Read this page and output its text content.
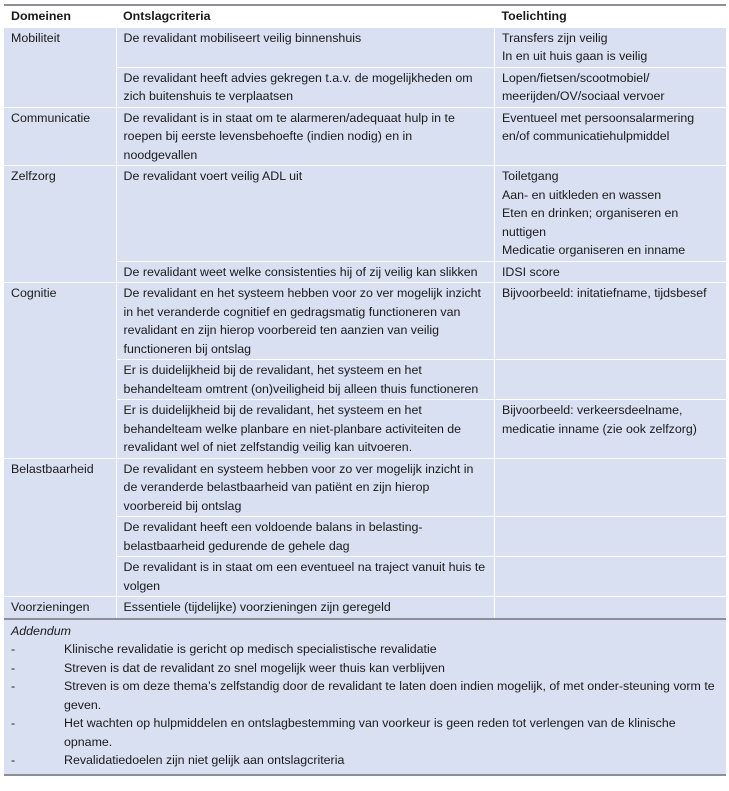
Domeinen	Ontslagcriteria	Toelichting
Mobiliteit	De revalidant mobiliseert veilig binnenshuis	Transfers zijn veilig
In en uit huis gaan is veilig

	De revalidant heeft advies gekregen t.a.v. de mogelijkheden om zich buitenshuis te verplaatsen	Lopen/fietsen/scootmobiel/ meerijden/OV/sociaal vervoer
Communicatie	De revalidant is in staat om te alarmeren/adequaat hulp in te roepen bij eerste levensbehoefte (indien nodig) en in noodgevallen	Eventueel met persoonsalarmering en/of communicatiehulpmiddel
Zelfzorg	De revalidant voert veilig ADL uit	Toiletgang
Aan- en uitkleden en wassen
Eten en drinken; organiseren en nuttigen
Medicatie organiseren en inname

	De revalidant weet welke consistenties hij of zij veilig kan slikken	IDSI score
Cognitie	De revalidant en het systeem hebben voor zo ver mogelijk inzicht in het veranderde cognitief en gedragsmatig functioneren van revalidant en zijn hierop voorbereid ten aanzien van veilig functioneren bij ontslag	Bijvoorbeeld: initatiefname, tijdsbesef
	Er is duidelijkheid bij de revalidant, het systeem en het behandelteam omtrent (on)veiligheid bij alleen thuis functioneren	
	Er is duidelijkheid bij de revalidant, het systeem en het behandelteam welke planbare en niet-planbare activiteiten de revalidant wel of niet zelfstandig veilig kan uitvoeren.	Bijvoorbeeld: verkeersdeelname, medicatie inname (zie ook zelfzorg)
Belastbaarheid	De revalidant en systeem hebben voor zo ver mogelijk inzicht in de veranderde belastbaarheid van patiënt en zijn hierop voorbereid bij ontslag	
	De revalidant heeft een voldoende balans in belasting-belastbaarheid gedurende de gehele dag	
	De revalidant is in staat om een eventueel na traject vanuit huis te volgen	
Voorzieningen	Essentiele (tijdelijke) voorzieningen zijn geregeld	
Addendum
-	Klinische revalidatie is gericht op medisch specialistische revalidatie
-	Streven is dat de revalidant zo snel mogelijk weer thuis kan verblijven
-	Streven is om deze thema’s zelfstandig door de revalidant te laten doen indien mogelijk, of met onder-steuning vorm te geven.
-	Het wachten op hulpmiddelen en ontslagbestemming van voorkeur is geen reden tot verlengen van de klinische opname.
-	Revalidatiedoelen zijn niet gelijk aan ontslagcriteria
